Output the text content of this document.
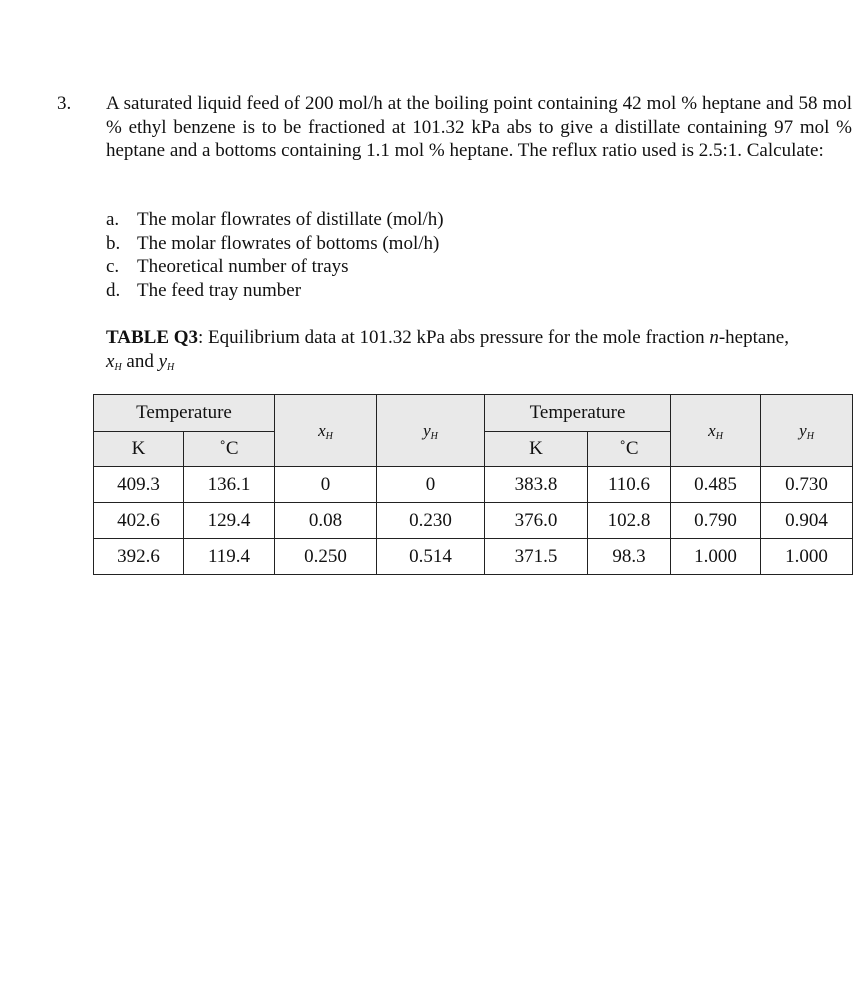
3. A saturated liquid feed of 200 mol/h at the boiling point containing 42 mol % heptane and 58 mol % ethyl benzene is to be fractioned at 101.32 kPa abs to give a distillate containing 97 mol % heptane and a bottoms containing 1.1 mol % heptane. The reflux ratio used is 2.5:1. Calculate:
a. The molar flowrates of distillate (mol/h)
b. The molar flowrates of bottoms (mol/h)
c. Theoretical number of trays
d. The feed tray number
TABLE Q3: Equilibrium data at 101.32 kPa abs pressure for the mole fraction n-heptane,
$x_H$ and $y_H$
Temperature		$x_H$	$y_H$	Temperature		$x_H$	$y_H$
K	˚C			K	˚C		
409.3	136.1	0	0	383.8	110.6	0.485	0.730
402.6	129.4	0.08	0.230	376.0	102.8	0.790	0.904
392.6	119.4	0.250	0.514	371.5	98.3	1.000	1.000
